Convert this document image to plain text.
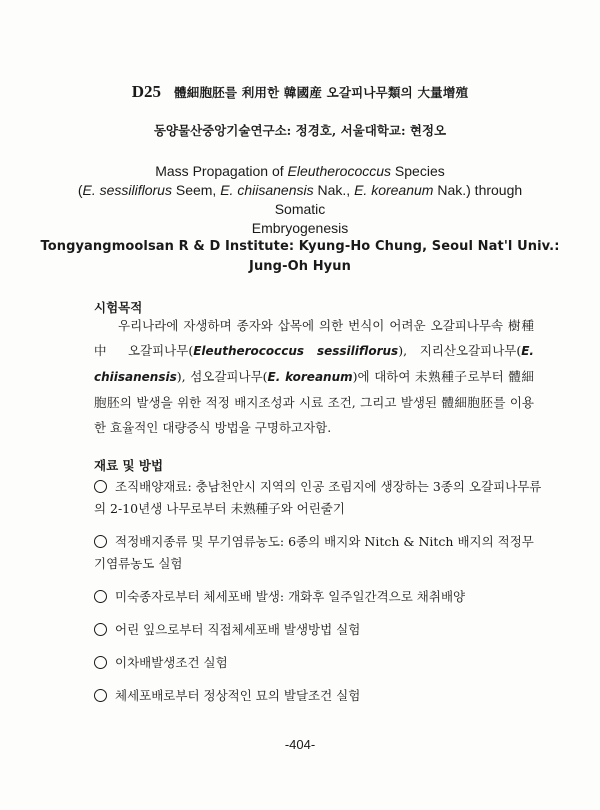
D25 體細胞胚를 利用한 韓國産 오갈피나무類의 大量增殖
동양물산중앙기술연구소: 정경호, 서울대학교: 현정오
Mass Propagation of Eleutherococcus Species
(E. sessiliflorus Seem, E. chiisanensis Nak., E. koreanum Nak.) through Somatic
Embryogenesis
Tongyangmoolsan R & D Institute: Kyung-Ho Chung, Seoul Nat'l Univ.:
Jung-Oh Hyun
시험목적
우리나라에 자생하며 종자와 삽목에 의한 번식이 어려운 오갈피나무속 樹種 中 오갈피나무(Eleutherococcus sessiliflorus), 지리산오갈피나무(E. chiisanensis), 섬오갈피나무(E. koreanum)에 대하여 未熟種子로부터 體細胞胚의 발생을 위한 적정 배지조성과 시료 조건, 그리고 발생된 體細胞胚를 이용한 효율적인 대량증식 방법을 구명하고자함.
재료 및 방법
조직배양재료: 충남천안시 지역의 인공 조림지에 생장하는 3종의 오갈피나무류의 2-10년생 나무로부터 未熟種子와 어린줄기
적정배지종류 및 무기염류농도: 6종의 배지와 Nitch & Nitch 배지의 적정무기염류농도 실험
미숙종자로부터 체세포배 발생: 개화후 일주일간격으로 채취배양
어린 잎으로부터 직접체세포배 발생방법 실험
이차배발생조건 실험
체세포배로부터 정상적인 묘의 발달조건 실험
-404-
